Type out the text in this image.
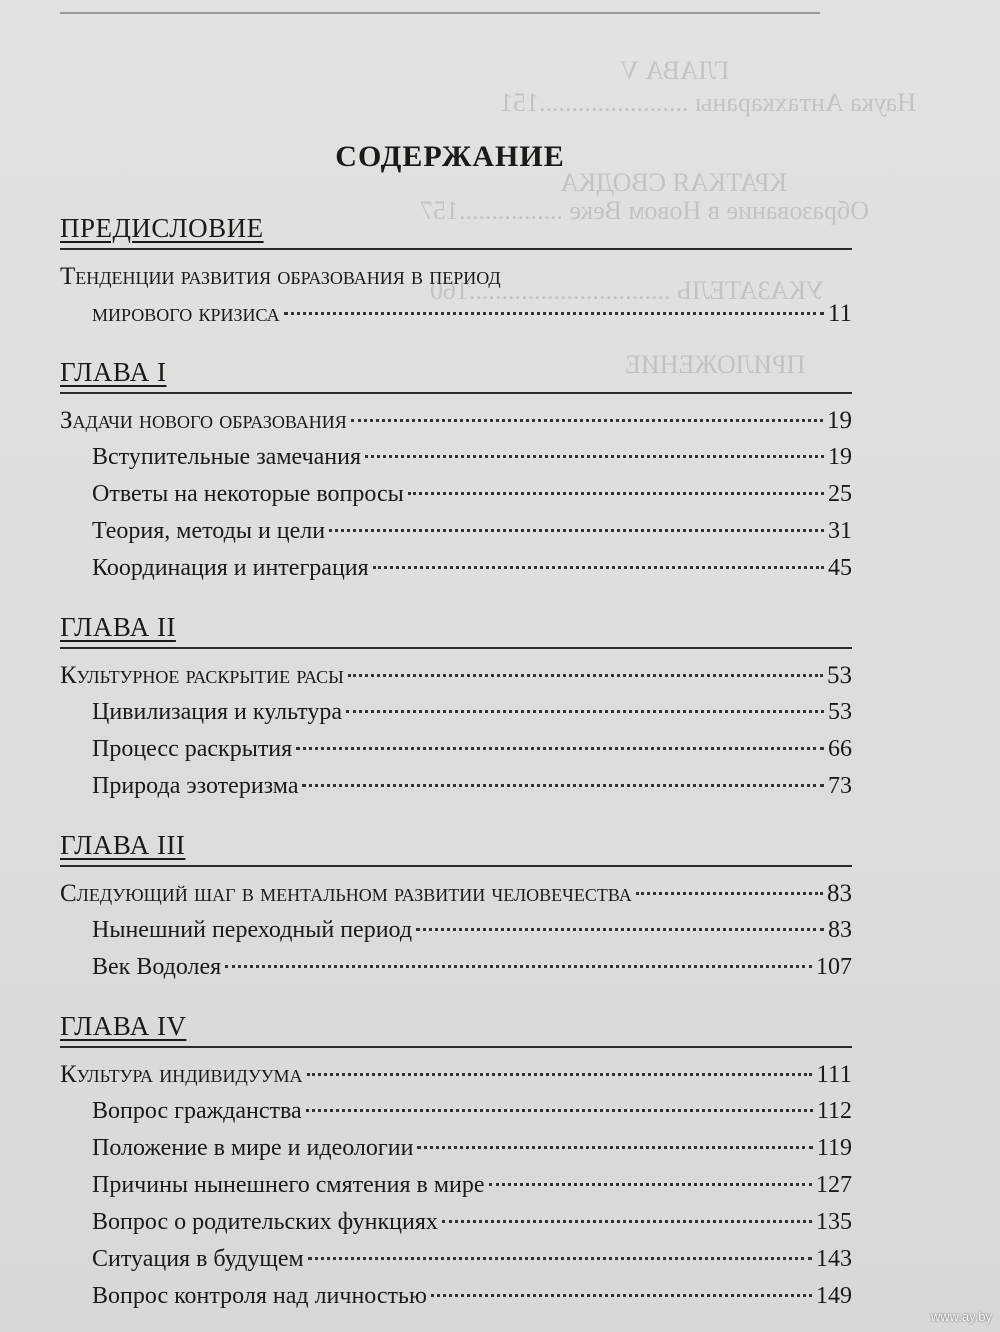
ГЛАВА V
Наука Антахкараны .......................151
КРАТКАЯ СВОДКА
Образование в Новом Веке ................157
УКАЗАТЕЛЬ ...............................160
ПРИЛОЖЕНИЕ
СОДЕРЖАНИЕ
ПРЕДИСЛОВИЕ
Тенденции развития образования в период
мирового кризиса	11
ГЛАВА I
Задачи нового образования	19
Вступительные замечания	19
Ответы на некоторые вопросы	25
Теория, методы и цели	31
Координация и интеграция	45
ГЛАВА II
Культурное раскрытие расы	53
Цивилизация и культура	53
Процесс раскрытия	66
Природа эзотеризма	73
ГЛАВА III
Следующий шаг в ментальном развитии человечества	83
Нынешний переходный период	83
Век Водолея	107
ГЛАВА IV
Культура индивидуума	111
Вопрос гражданства	112
Положение в мире и идеологии	119
Причины нынешнего смятения в мире	127
Вопрос о родительских функциях	135
Ситуация в будущем	143
Вопрос контроля над личностью	149
www.ay.by
